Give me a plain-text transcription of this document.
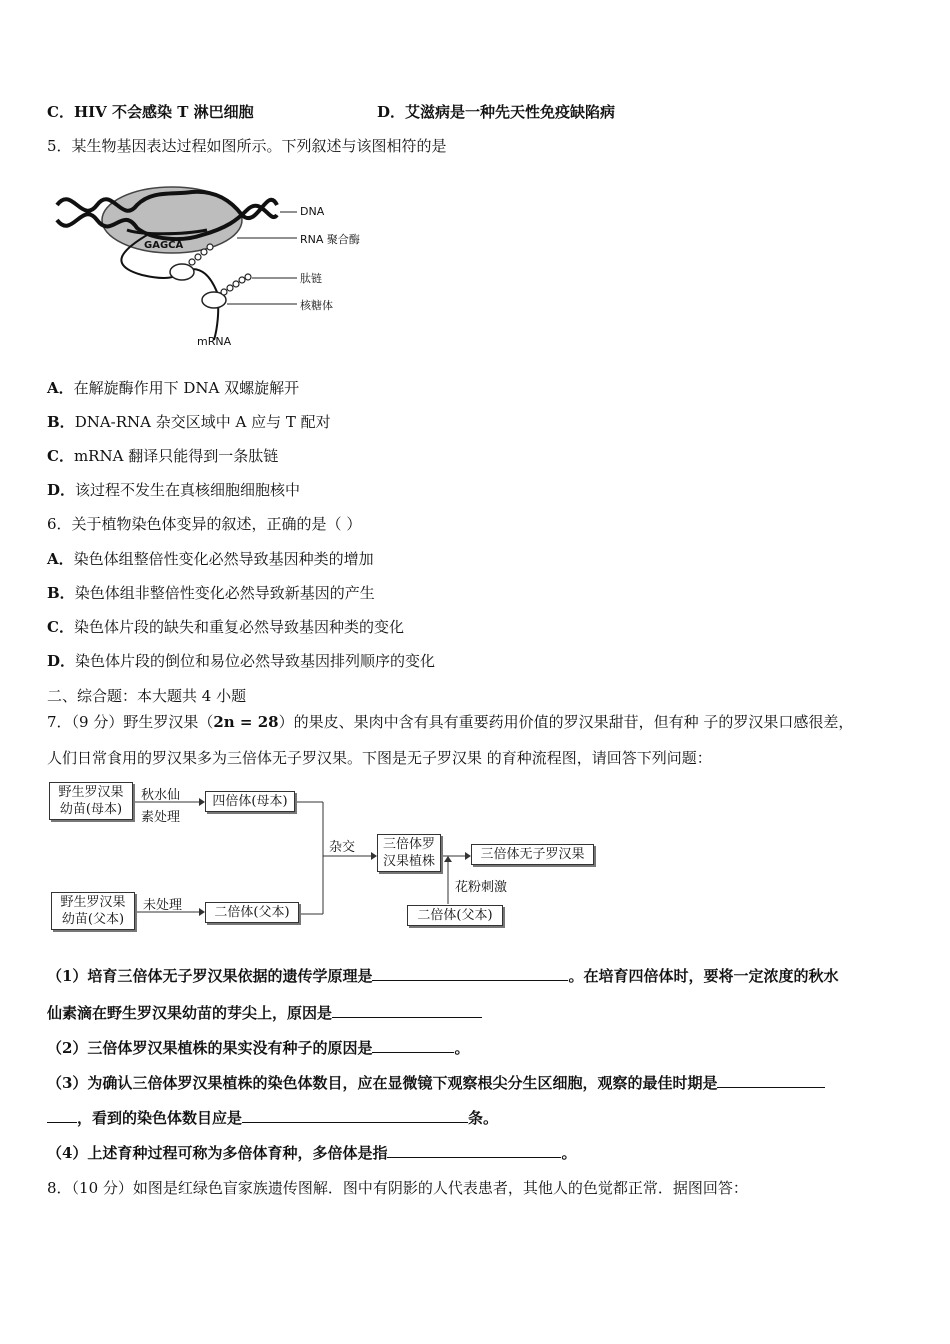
C．HIV 不会感染 T 淋巴细胞	D．艾滋病是一种先天性免疫缺陷病
5．某生物基因表达过程如图所示。下列叙述与该图相符的是
DNA
RNA 聚合酶
肽链
核糖体
mRNA
GAGCA
A．在解旋酶作用下 DNA 双螺旋解开
B．DNA-RNA 杂交区域中 A 应与 T 配对
C．mRNA 翻译只能得到一条肽链
D．该过程不发生在真核细胞细胞核中
6．关于植物染色体变异的叙述，正确的是（ ）
A．染色体组整倍性变化必然导致基因种类的增加
B．染色体组非整倍性变化必然导致新基因的产生
C．染色体片段的缺失和重复必然导致基因种类的变化
D．染色体片段的倒位和易位必然导致基因排列顺序的变化
二、综合题：本大题共 4 小题
7．（9 分）野生罗汉果（2n = 28）的果皮、果肉中含有具有重要药用价值的罗汉果甜苷，但有种 子的罗汉果口感很差，
人们日常食用的罗汉果多为三倍体无子罗汉果。下图是无子罗汉果 的育种流程图，请回答下列问题：
野生罗汉果
幼苗(母本)
秋水仙
素处理
四倍体(母本)
杂交 三倍体罗
汉果植株	三倍体无子罗汉果
花粉刺激
野生罗汉果
幼苗(父本)
未处理	二倍体(父本)	二倍体(父本)
（1）培育三倍体无子罗汉果依据的遗传学原理是	。在培育四倍体时，要将一定浓度的秋水
仙素滴在野生罗汉果幼苗的芽尖上，原因是
（2）三倍体罗汉果植株的果实没有种子的原因是	。
（3）为确认三倍体罗汉果植株的染色体数目，应在显微镜下观察根尖分生区细胞，观察的最佳时期是
，看到的染色体数目应是	条。
（4）上述育种过程可称为多倍体育种，多倍体是指	。
8．（10 分）如图是红绿色盲家族遗传图解．图中有阴影的人代表患者，其他人的色觉都正常．据图回答：
